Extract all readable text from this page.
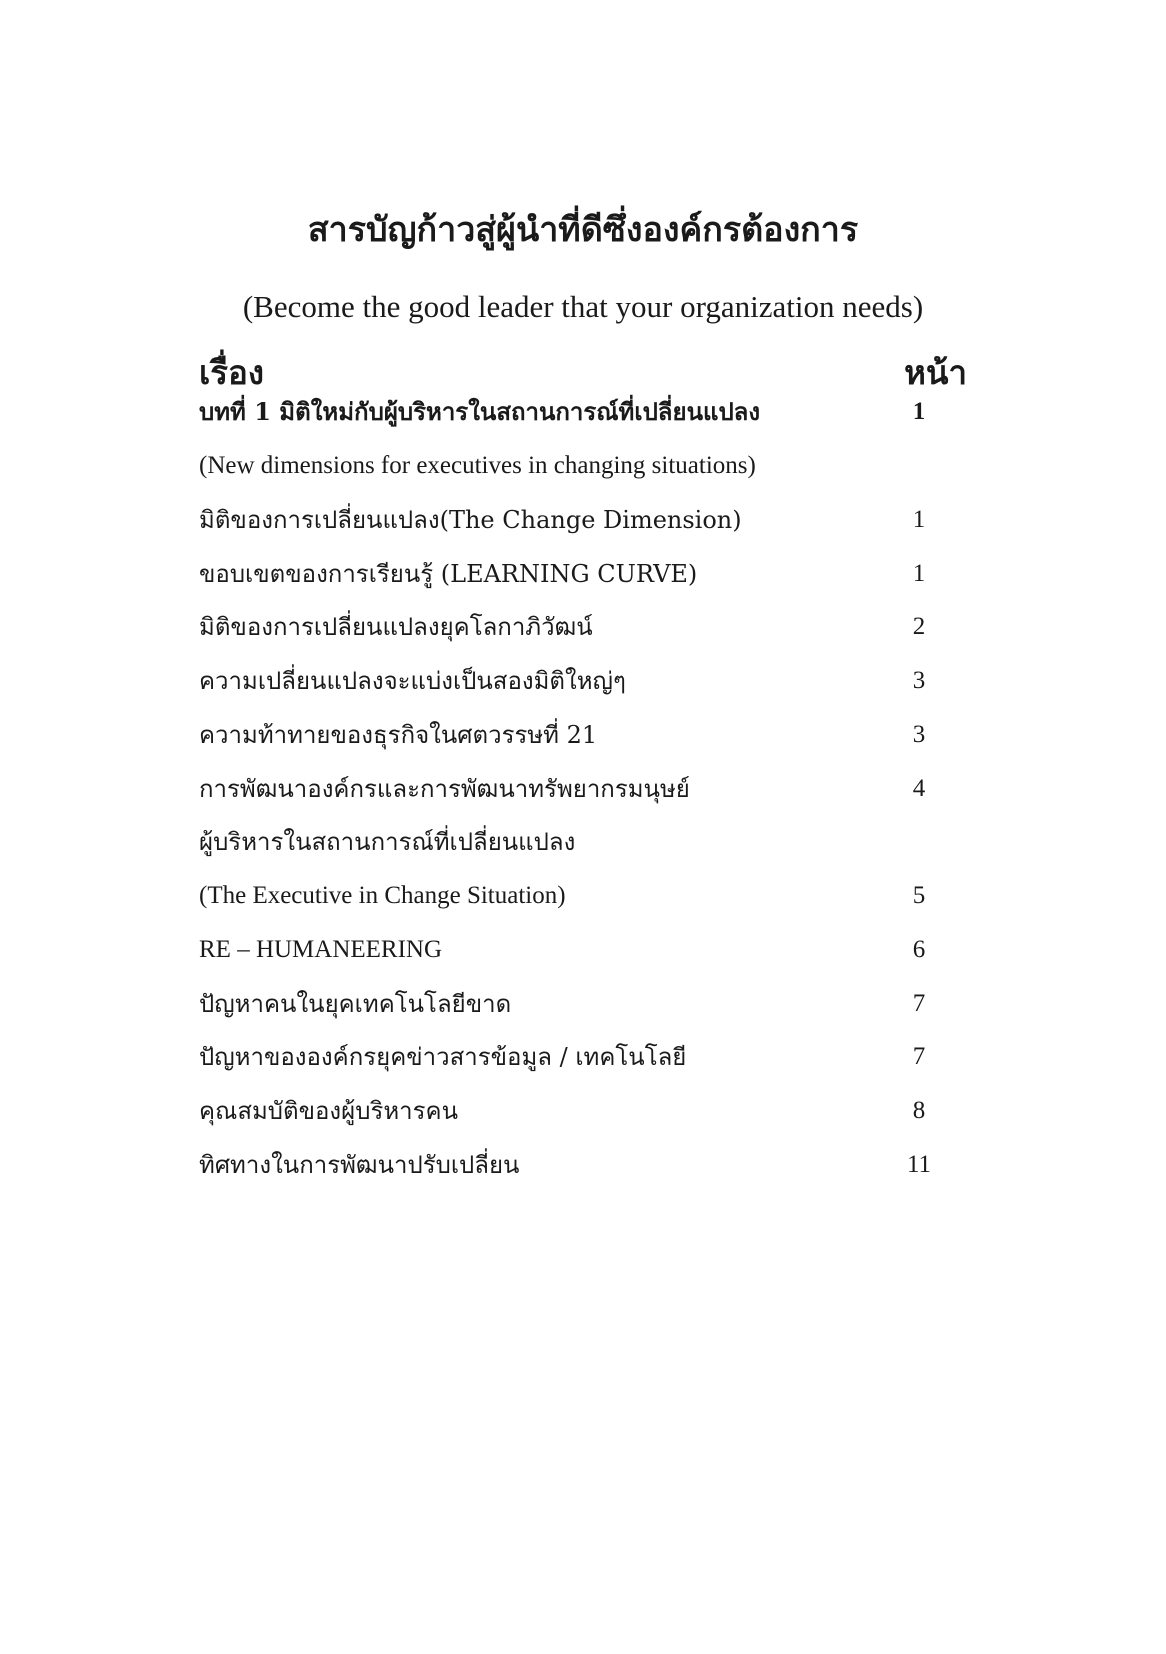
สารบัญก้าวสู่ผู้นำที่ดีซึ่งองค์กรต้องการ
(Become the good leader that your organization needs)
เรื่อง	หน้า
บทที่ 1 มิติใหม่กับผู้บริหารในสถานการณ์ที่เปลี่ยนแปลง	1
(New dimensions for executives in changing situations)
มิติของการเปลี่ยนแปลง(The Change Dimension)	1
ขอบเขตของการเรียนรู้ (LEARNING CURVE)	1
มิติของการเปลี่ยนแปลงยุคโลกาภิวัฒน์	2
ความเปลี่ยนแปลงจะแบ่งเป็นสองมิติใหญ่ๆ	3
ความท้าทายของธุรกิจในศตวรรษที่ 21	3
การพัฒนาองค์กรและการพัฒนาทรัพยากรมนุษย์	4
ผู้บริหารในสถานการณ์ที่เปลี่ยนแปลง
(The Executive in Change Situation)	5
RE – HUMANEERING	6
ปัญหาคนในยุคเทคโนโลยีขาด	7
ปัญหาขององค์กรยุคข่าวสารข้อมูล / เทคโนโลยี	7
คุณสมบัติของผู้บริหารคน	8
ทิศทางในการพัฒนาปรับเปลี่ยน	11
